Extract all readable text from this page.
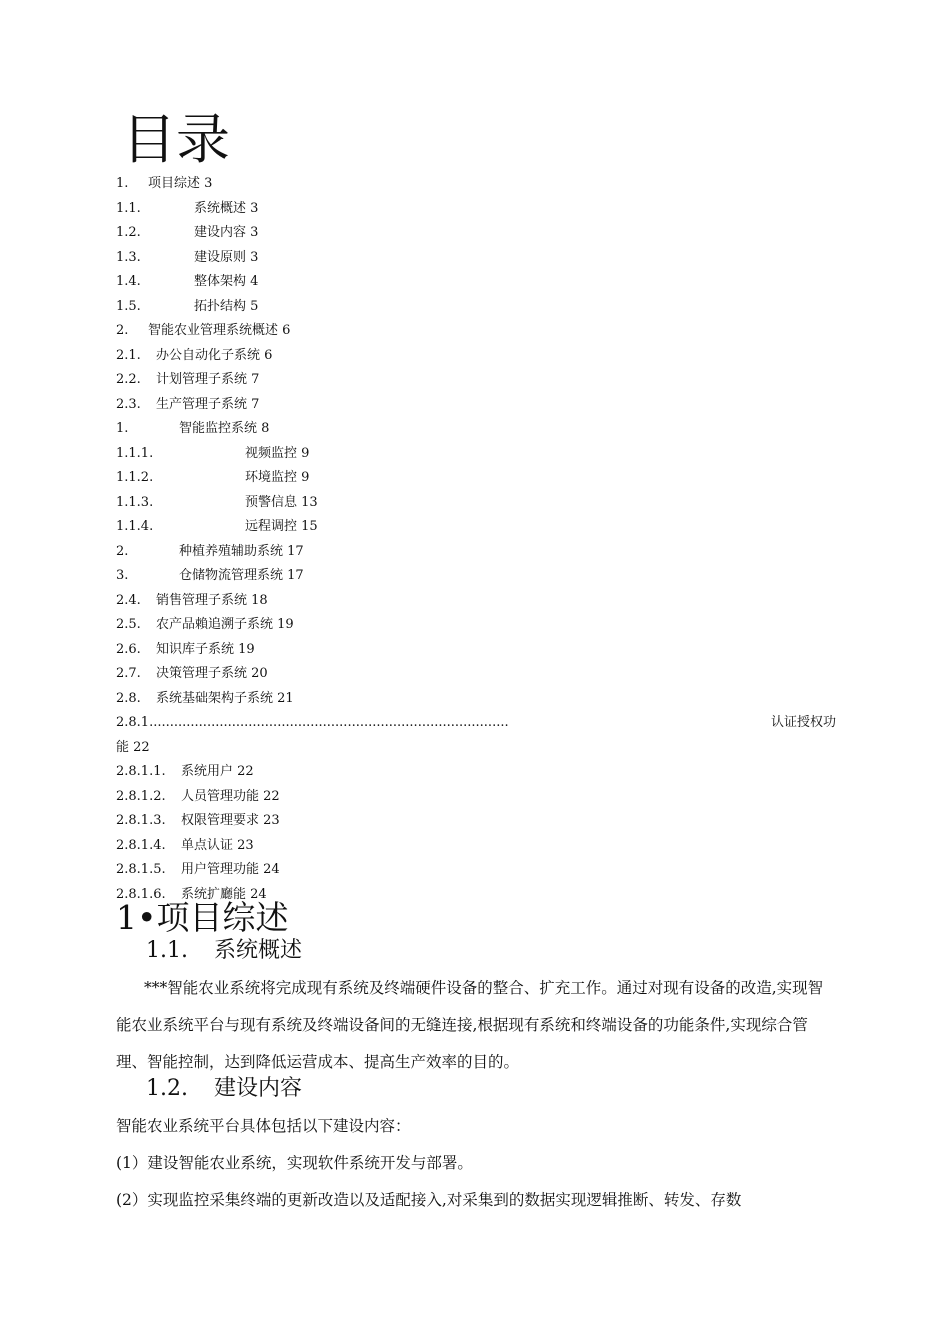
目录
1. 项目综述 3
1.1.	系统概述 3
1.2.	建设内容 3
1.3.	建设原则 3
1.4.	整体架构 4
1.5.	拓扑结构 5
2. 智能农业管理系统概述 6
2.1. 办公自动化子系统 6
2.2. 计划管理子系统 7
2.3. 生产管理子系统 7
1.	智能监控系统 8
1.1.1.	视频监控 9
1.1.2.	环境监控 9
1.1.3.	预警信息 13
1.1.4.	远程调控 15
2.	种植养殖辅助系统 17
3.	仓储物流管理系统 17
2.4. 销售管理子系统 18
2.5. 农产品賴追溯子系统 19
2.6. 知识库子系统 19
2.7. 决策管理子系统 20
2.8. 系统基础架构子系统 21
2.8.1.......................................................................................	认证授权功
能 22
2.8.1.1. 系统用户 22
2.8.1.2. 人员管理功能 22
2.8.1.3. 权限管理要求 23
2.8.1.4. 单点认证 23
2.8.1.5. 用户管理功能 24
2.8.1.6. 系统扩廳能 24
1•项目综述
1.1. 系统概述

***智能农业系统将完成现有系统及终端硬件设备的整合、扩充工作。通过对现有设备的改造,实现智能农业系统平台与现有系统及终端设备间的无缝连接,根据现有系统和终端设备的功能条件,实现综合管理、智能控制，达到降低运营成本、提高生产效率的目的。

1.2. 建设内容

智能农业系统平台具体包括以下建设内容：

(1）建设智能农业系统，实现软件系统开发与部署。

(2）实现监控采集终端的更新改造以及适配接入,对采集到的数据实现逻辑推断、转发、存数
